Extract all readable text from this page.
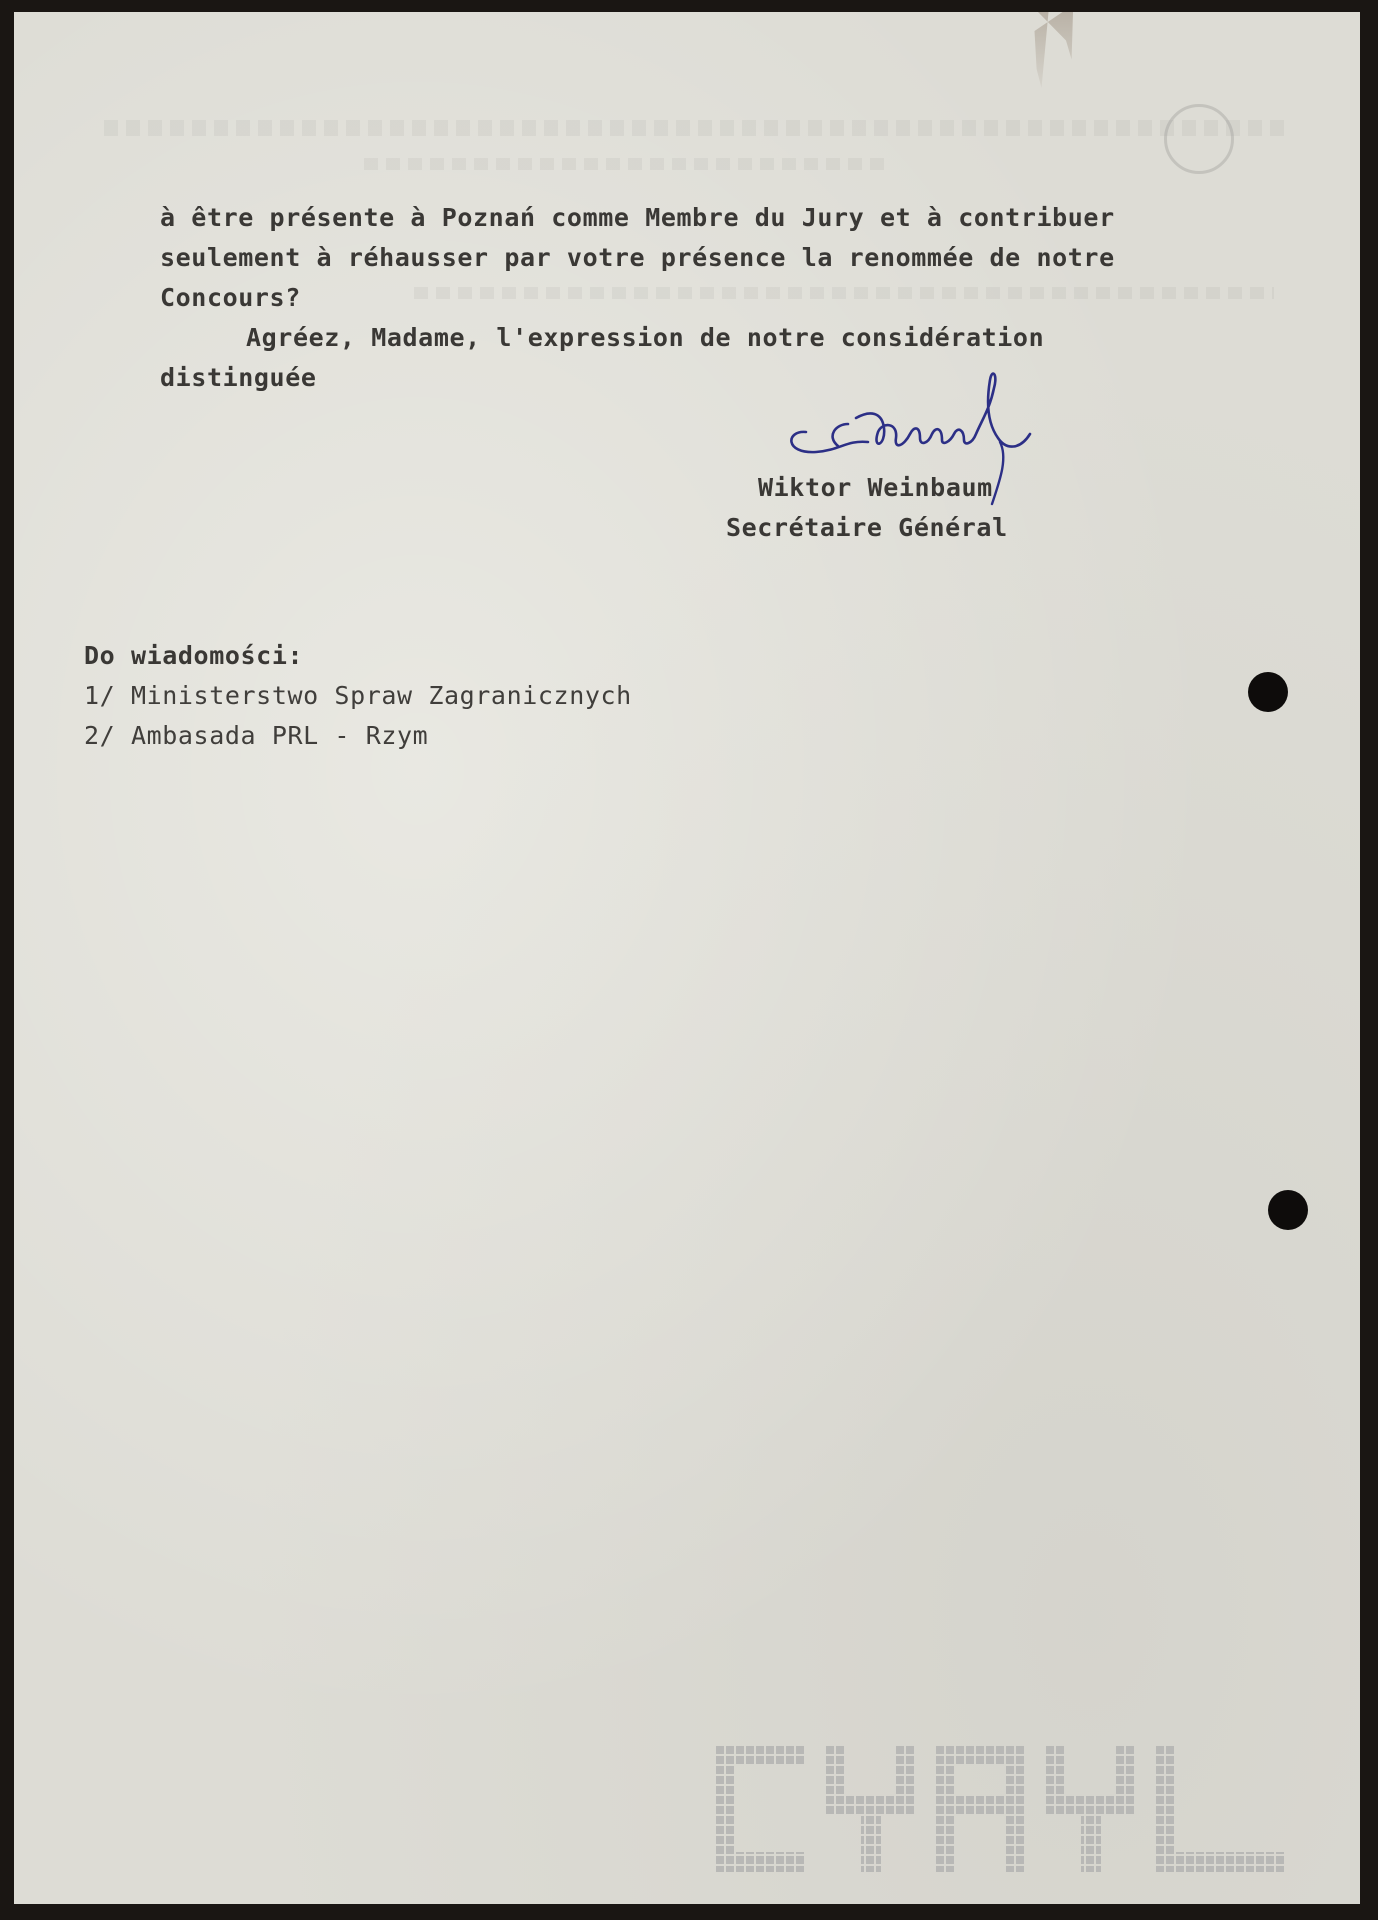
à être présente à Poznań comme Membre du Jury et à contribuer

seulement à réhausser par votre présence la renommée de notre

Concours?

Agréez, Madame, l'expression de notre considération

distinguée

Wiktor Weinbaum

Secrétaire Général

Do wiadomości:

1/ Ministerstwo Spraw Zagranicznych

2/ Ambasada PRL - Rzym
